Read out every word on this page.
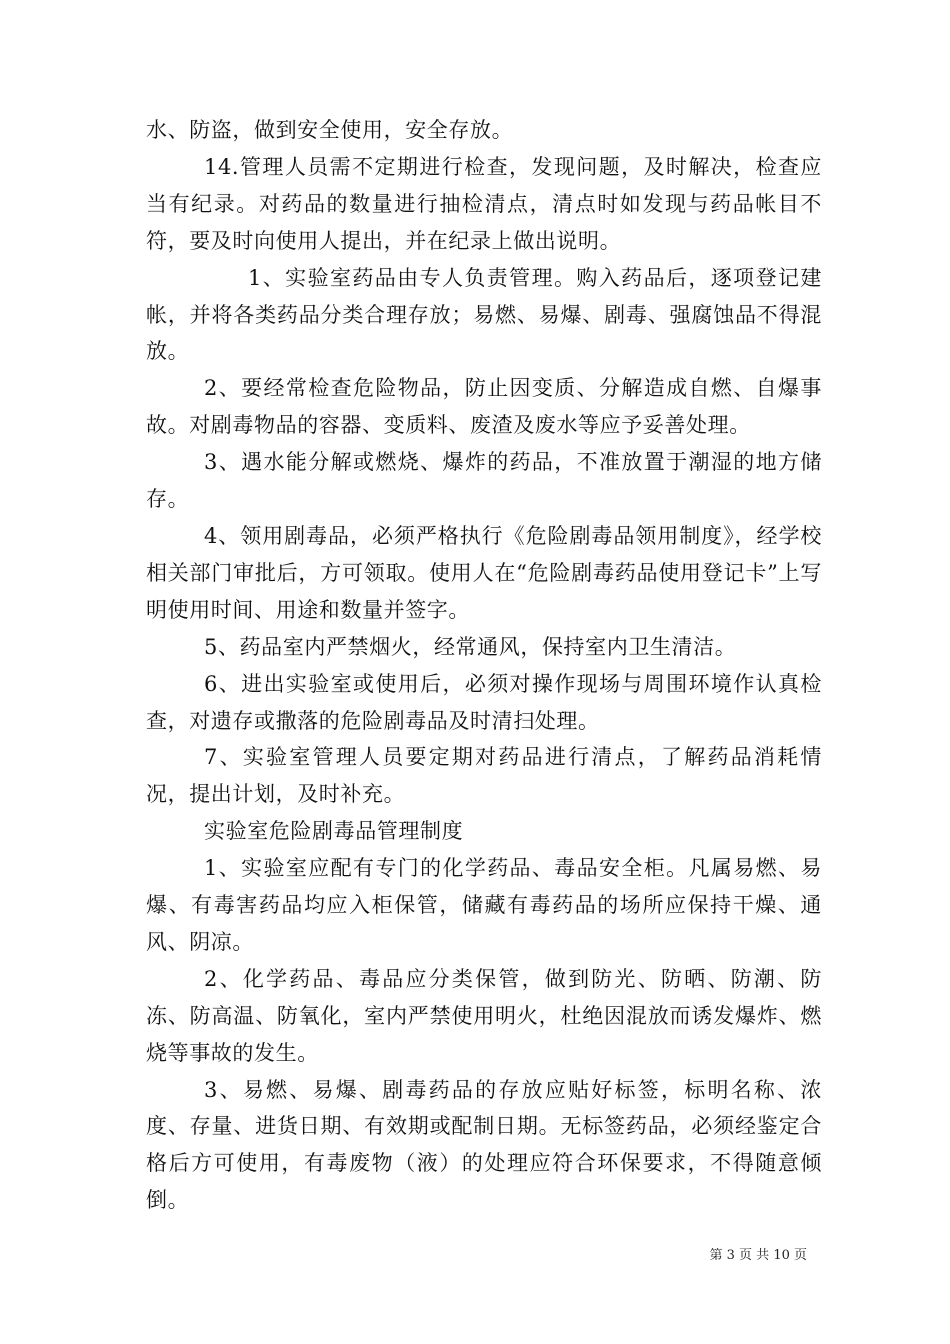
水、防盗，做到安全使用，安全存放。

14.管理人员需不定期进行检查，发现问题，及时解决，检查应当有纪录。对药品的数量进行抽检清点，清点时如发现与药品帐目不符，要及时向使用人提出，并在纪录上做出说明。

1、实验室药品由专人负责管理。购入药品后，逐项登记建帐，并将各类药品分类合理存放；易燃、易爆、剧毒、强腐蚀品不得混放。

2、要经常检查危险物品，防止因变质、分解造成自燃、自爆事故。对剧毒物品的容器、变质料、废渣及废水等应予妥善处理。

3、遇水能分解或燃烧、爆炸的药品，不准放置于潮湿的地方储存。

4、领用剧毒品，必须严格执行《危险剧毒品领用制度》，经学校相关部门审批后，方可领取。使用人在“危险剧毒药品使用登记卡”上写明使用时间、用途和数量并签字。

5、药品室内严禁烟火，经常通风，保持室内卫生清洁。

6、进出实验室或使用后，必须对操作现场与周围环境作认真检查，对遗存或撒落的危险剧毒品及时清扫处理。

7、实验室管理人员要定期对药品进行清点，了解药品消耗情况，提出计划，及时补充。

实验室危险剧毒品管理制度

1、实验室应配有专门的化学药品、毒品安全柜。凡属易燃、易爆、有毒害药品均应入柜保管，储藏有毒药品的场所应保持干燥、通风、阴凉。

2、化学药品、毒品应分类保管，做到防光、防晒、防潮、防冻、防高温、防氧化，室内严禁使用明火，杜绝因混放而诱发爆炸、燃烧等事故的发生。

3、易燃、易爆、剧毒药品的存放应贴好标签，标明名称、浓度、存量、进货日期、有效期或配制日期。无标签药品，必须经鉴定合格后方可使用，有毒废物（液）的处理应符合环保要求，不得随意倾倒。

第 3 页 共 10 页
